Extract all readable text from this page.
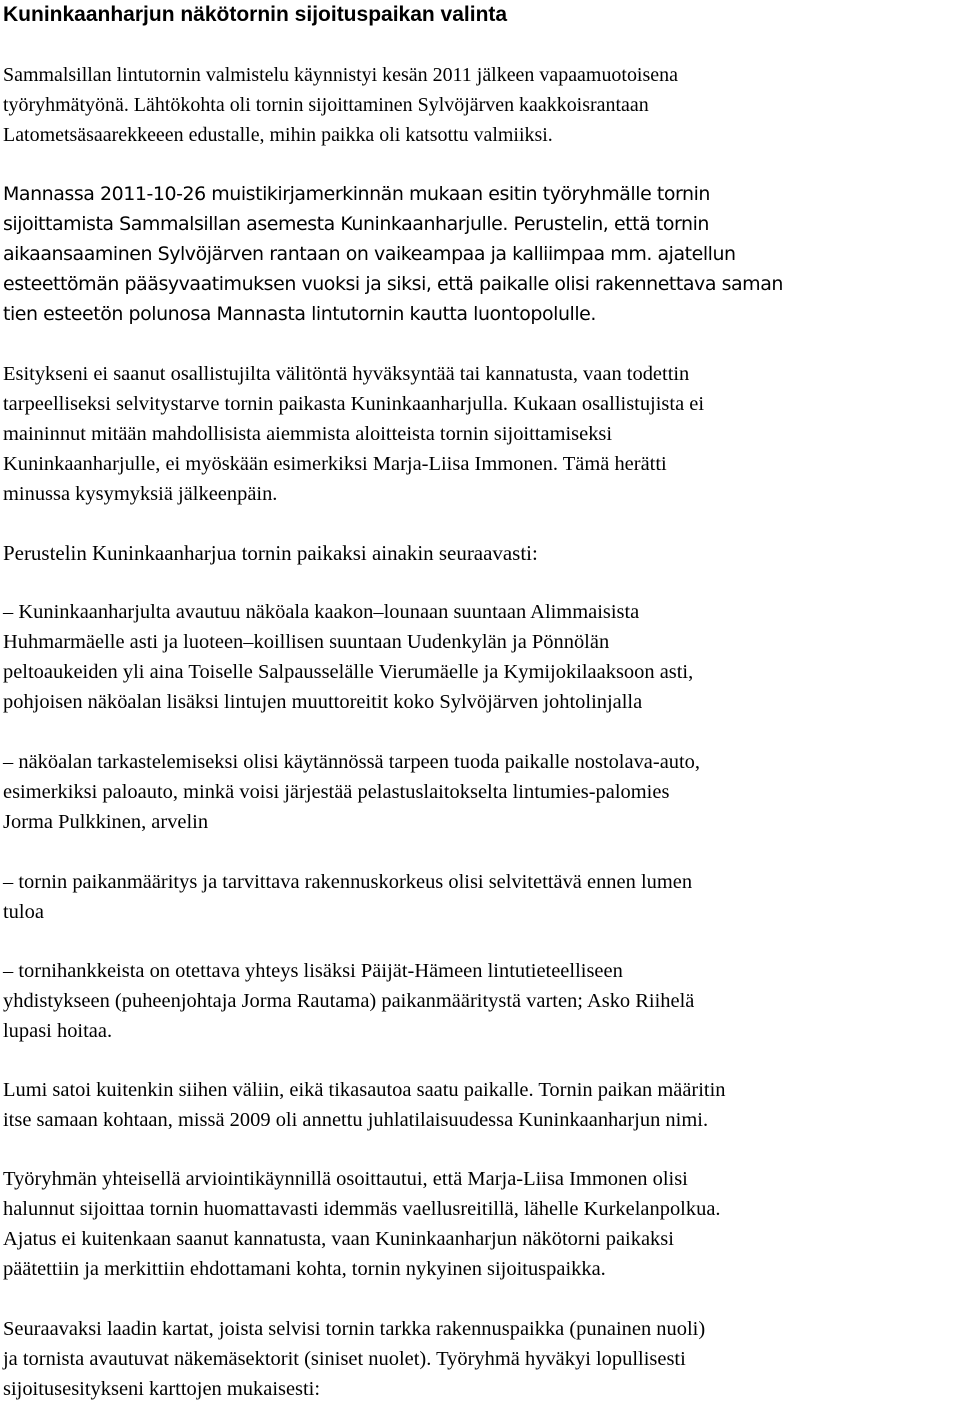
Kuninkaanharjun näkötornin sijoituspaikan valinta

Sammalsillan lintutornin valmistelu käynnistyi kesän 2011 jälkeen vapaamuotoisena
työryhmätyönä. Lähtökohta oli tornin sijoittaminen Sylvöjärven kaakkoisrantaan
Latometsäsaarekkeeen edustalle, mihin paikka oli katsottu valmiiksi.

Mannassa 2011-10-26 muistikirjamerkinnän mukaan esitin työryhmälle tornin
sijoittamista Sammalsillan asemesta Kuninkaanharjulle. Perustelin, että tornin
aikaansaaminen Sylvöjärven rantaan on vaikeampaa ja kalliimpaa mm. ajatellun
esteettömän pääsyvaatimuksen vuoksi ja siksi, että paikalle olisi rakennettava saman
tien esteetön polunosa Mannasta lintutornin kautta luontopolulle.

Esitykseni ei saanut osallistujilta välitöntä hyväksyntää tai kannatusta, vaan todettin
tarpeelliseksi selvitystarve tornin paikasta Kuninkaanharjulla. Kukaan osallistujista ei
maininnut mitään mahdollisista aiemmista aloitteista tornin sijoittamiseksi
Kuninkaanharjulle, ei myöskään esimerkiksi Marja-Liisa Immonen. Tämä herätti
minussa kysymyksiä jälkeenpäin.

Perustelin Kuninkaanharjua tornin paikaksi ainakin seuraavasti:

– Kuninkaanharjulta avautuu näköala kaakon–lounaan suuntaan Alimmaisista
Huhmarmäelle asti ja luoteen–koillisen suuntaan Uudenkylän ja Pönnölän
peltoaukeiden yli aina Toiselle Salpausselälle Vierumäelle ja Kymijokilaaksoon asti,
pohjoisen näköalan lisäksi lintujen muuttoreitit koko Sylvöjärven johtolinjalla

– näköalan tarkastelemiseksi olisi käytännössä tarpeen tuoda paikalle nostolava-auto,
esimerkiksi paloauto, minkä voisi järjestää pelastuslaitokselta lintumies-palomies
Jorma Pulkkinen, arvelin

– tornin paikanmääritys ja tarvittava rakennuskorkeus olisi selvitettävä ennen lumen
tuloa

– tornihankkeista on otettava yhteys lisäksi Päijät-Hämeen lintutieteelliseen
yhdistykseen (puheenjohtaja Jorma Rautama) paikanmääritystä varten; Asko Riihelä
lupasi hoitaa.

Lumi satoi kuitenkin siihen väliin, eikä tikasautoa saatu paikalle. Tornin paikan määritin
itse samaan kohtaan, missä 2009 oli annettu juhlatilaisuudessa Kuninkaanharjun nimi.

Työryhmän yhteisellä arviointikäynnillä osoittautui, että Marja-Liisa Immonen olisi
halunnut sijoittaa tornin huomattavasti idemmäs vaellusreitillä, lähelle Kurkelanpolkua.
Ajatus ei kuitenkaan saanut kannatusta, vaan Kuninkaanharjun näkötorni paikaksi
päätettiin ja merkittiin ehdottamani kohta, tornin nykyinen sijoituspaikka.

Seuraavaksi laadin kartat, joista selvisi tornin tarkka rakennuspaikka (punainen nuoli)
ja tornista avautuvat näkemäsektorit (siniset nuolet). Työryhmä hyväkyi lopullisesti
sijoitusesitykseni karttojen mukaisesti:
